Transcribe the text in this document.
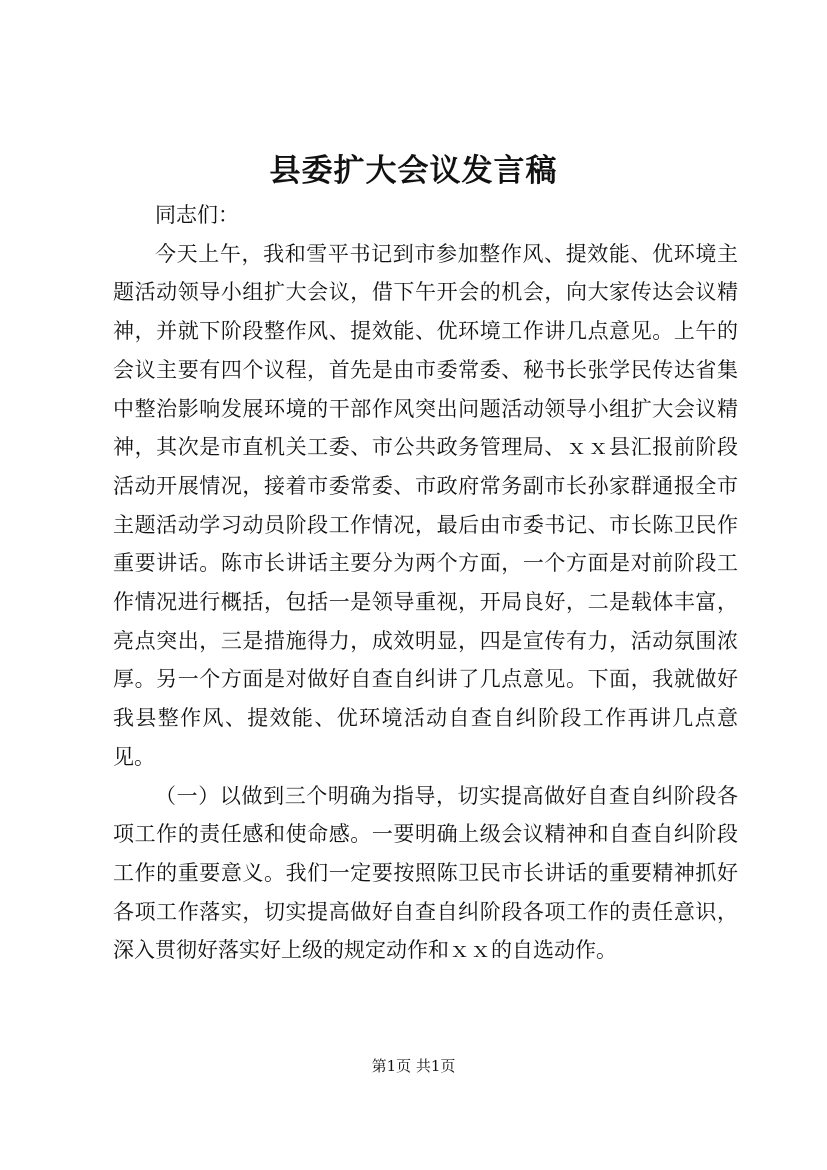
县委扩大会议发言稿

同志们：

今天上午，我和雪平书记到市参加整作风、提效能、优环境主题活动领导小组扩大会议，借下午开会的机会，向大家传达会议精神，并就下阶段整作风、提效能、优环境工作讲几点意见。上午的会议主要有四个议程，首先是由市委常委、秘书长张学民传达省集中整治影响发展环境的干部作风突出问题活动领导小组扩大会议精神，其次是市直机关工委、市公共政务管理局、ｘｘ县汇报前阶段活动开展情况，接着市委常委、市政府常务副市长孙家群通报全市主题活动学习动员阶段工作情况，最后由市委书记、市长陈卫民作重要讲话。陈市长讲话主要分为两个方面，一个方面是对前阶段工作情况进行概括，包括一是领导重视，开局良好，二是载体丰富，亮点突出，三是措施得力，成效明显，四是宣传有力，活动氛围浓厚。另一个方面是对做好自查自纠讲了几点意见。下面，我就做好我县整作风、提效能、优环境活动自查自纠阶段工作再讲几点意见。

（一）以做到三个明确为指导，切实提高做好自查自纠阶段各项工作的责任感和使命感。一要明确上级会议精神和自查自纠阶段工作的重要意义。我们一定要按照陈卫民市长讲话的重要精神抓好各项工作落实，切实提高做好自查自纠阶段各项工作的责任意识，深入贯彻好落实好上级的规定动作和ｘｘ的自选动作。

第1页 共1页
